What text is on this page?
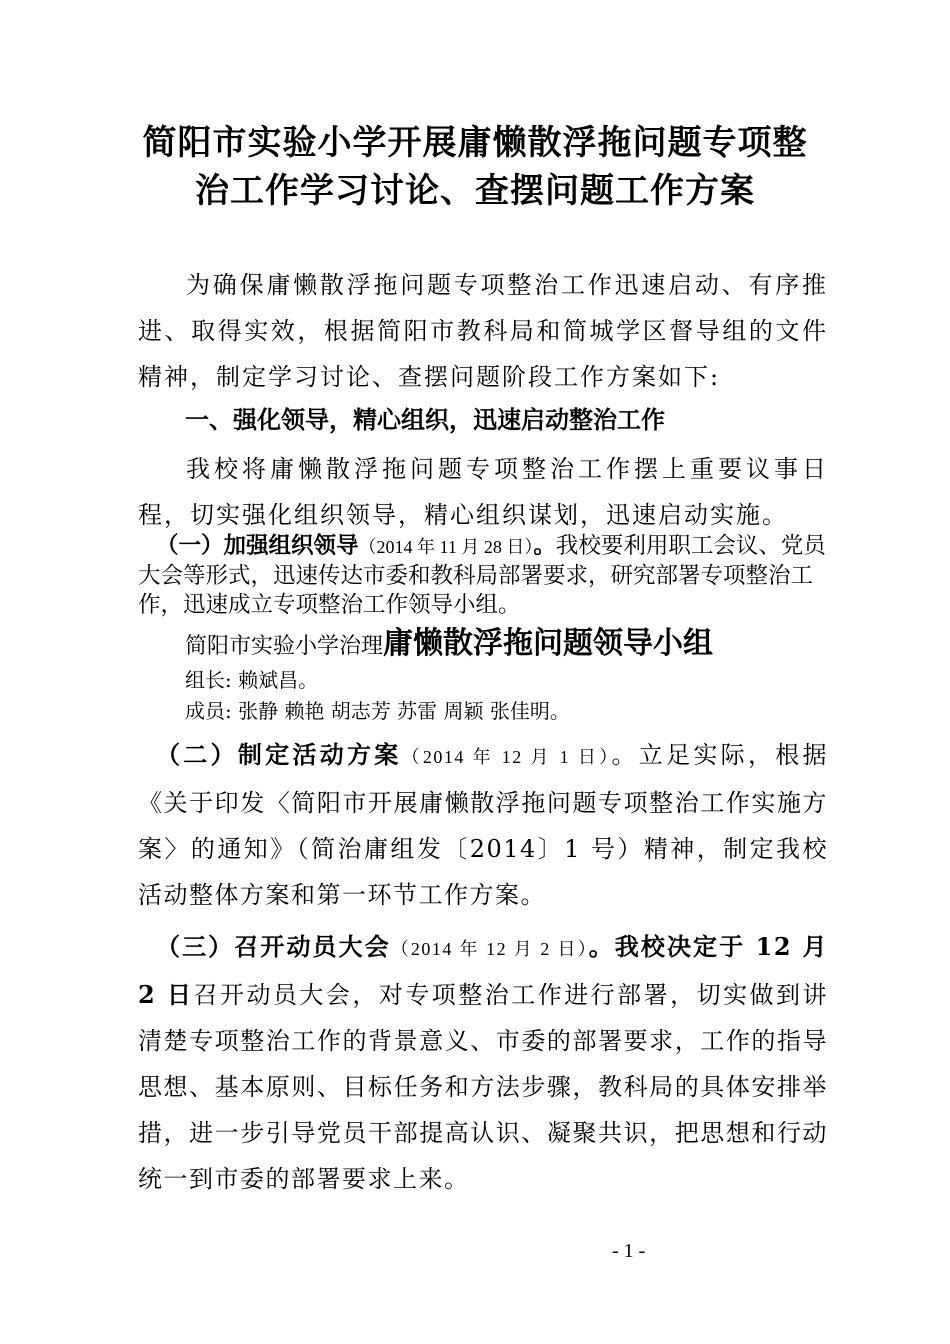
简阳市实验小学开展庸懒散浮拖问题专项整
治工作学习讨论、查摆问题工作方案

为确保庸懒散浮拖问题专项整治工作迅速启动、有序推进、取得实效，根据简阳市教科局和简城学区督导组的文件精神，制定学习讨论、查摆问题阶段工作方案如下:

一、强化领导，精心组织，迅速启动整治工作

我校将庸懒散浮拖问题专项整治工作摆上重要议事日程，切实强化组织领导，精心组织谋划，迅速启动实施。

（一）加强组织领导（2014 年 11 月 28 日）。我校要利用职工会议、党员大会等形式，迅速传达市委和教科局部署要求，研究部署专项整治工作，迅速成立专项整治工作领导小组。

简阳市实验小学治理庸懒散浮拖问题领导小组
组长: 赖斌昌。
成员: 张静 赖艳 胡志芳 苏雷 周颖 张佳明。

（二）制定活动方案（2014 年 12 月 1 日）。立足实际，根据《关于印发〈简阳市开展庸懒散浮拖问题专项整治工作实施方案〉的通知》（简治庸组发〔2014〕1 号）精神，制定我校活动整体方案和第一环节工作方案。

（三）召开动员大会（2014 年 12 月 2 日）。我校决定于 12 月 2 日召开动员大会，对专项整治工作进行部署，切实做到讲清楚专项整治工作的背景意义、市委的部署要求，工作的指导思想、基本原则、目标任务和方法步骤，教科局的具体安排举措，进一步引导党员干部提高认识、凝聚共识，把思想和行动统一到市委的部署要求上来。

- 1 -
